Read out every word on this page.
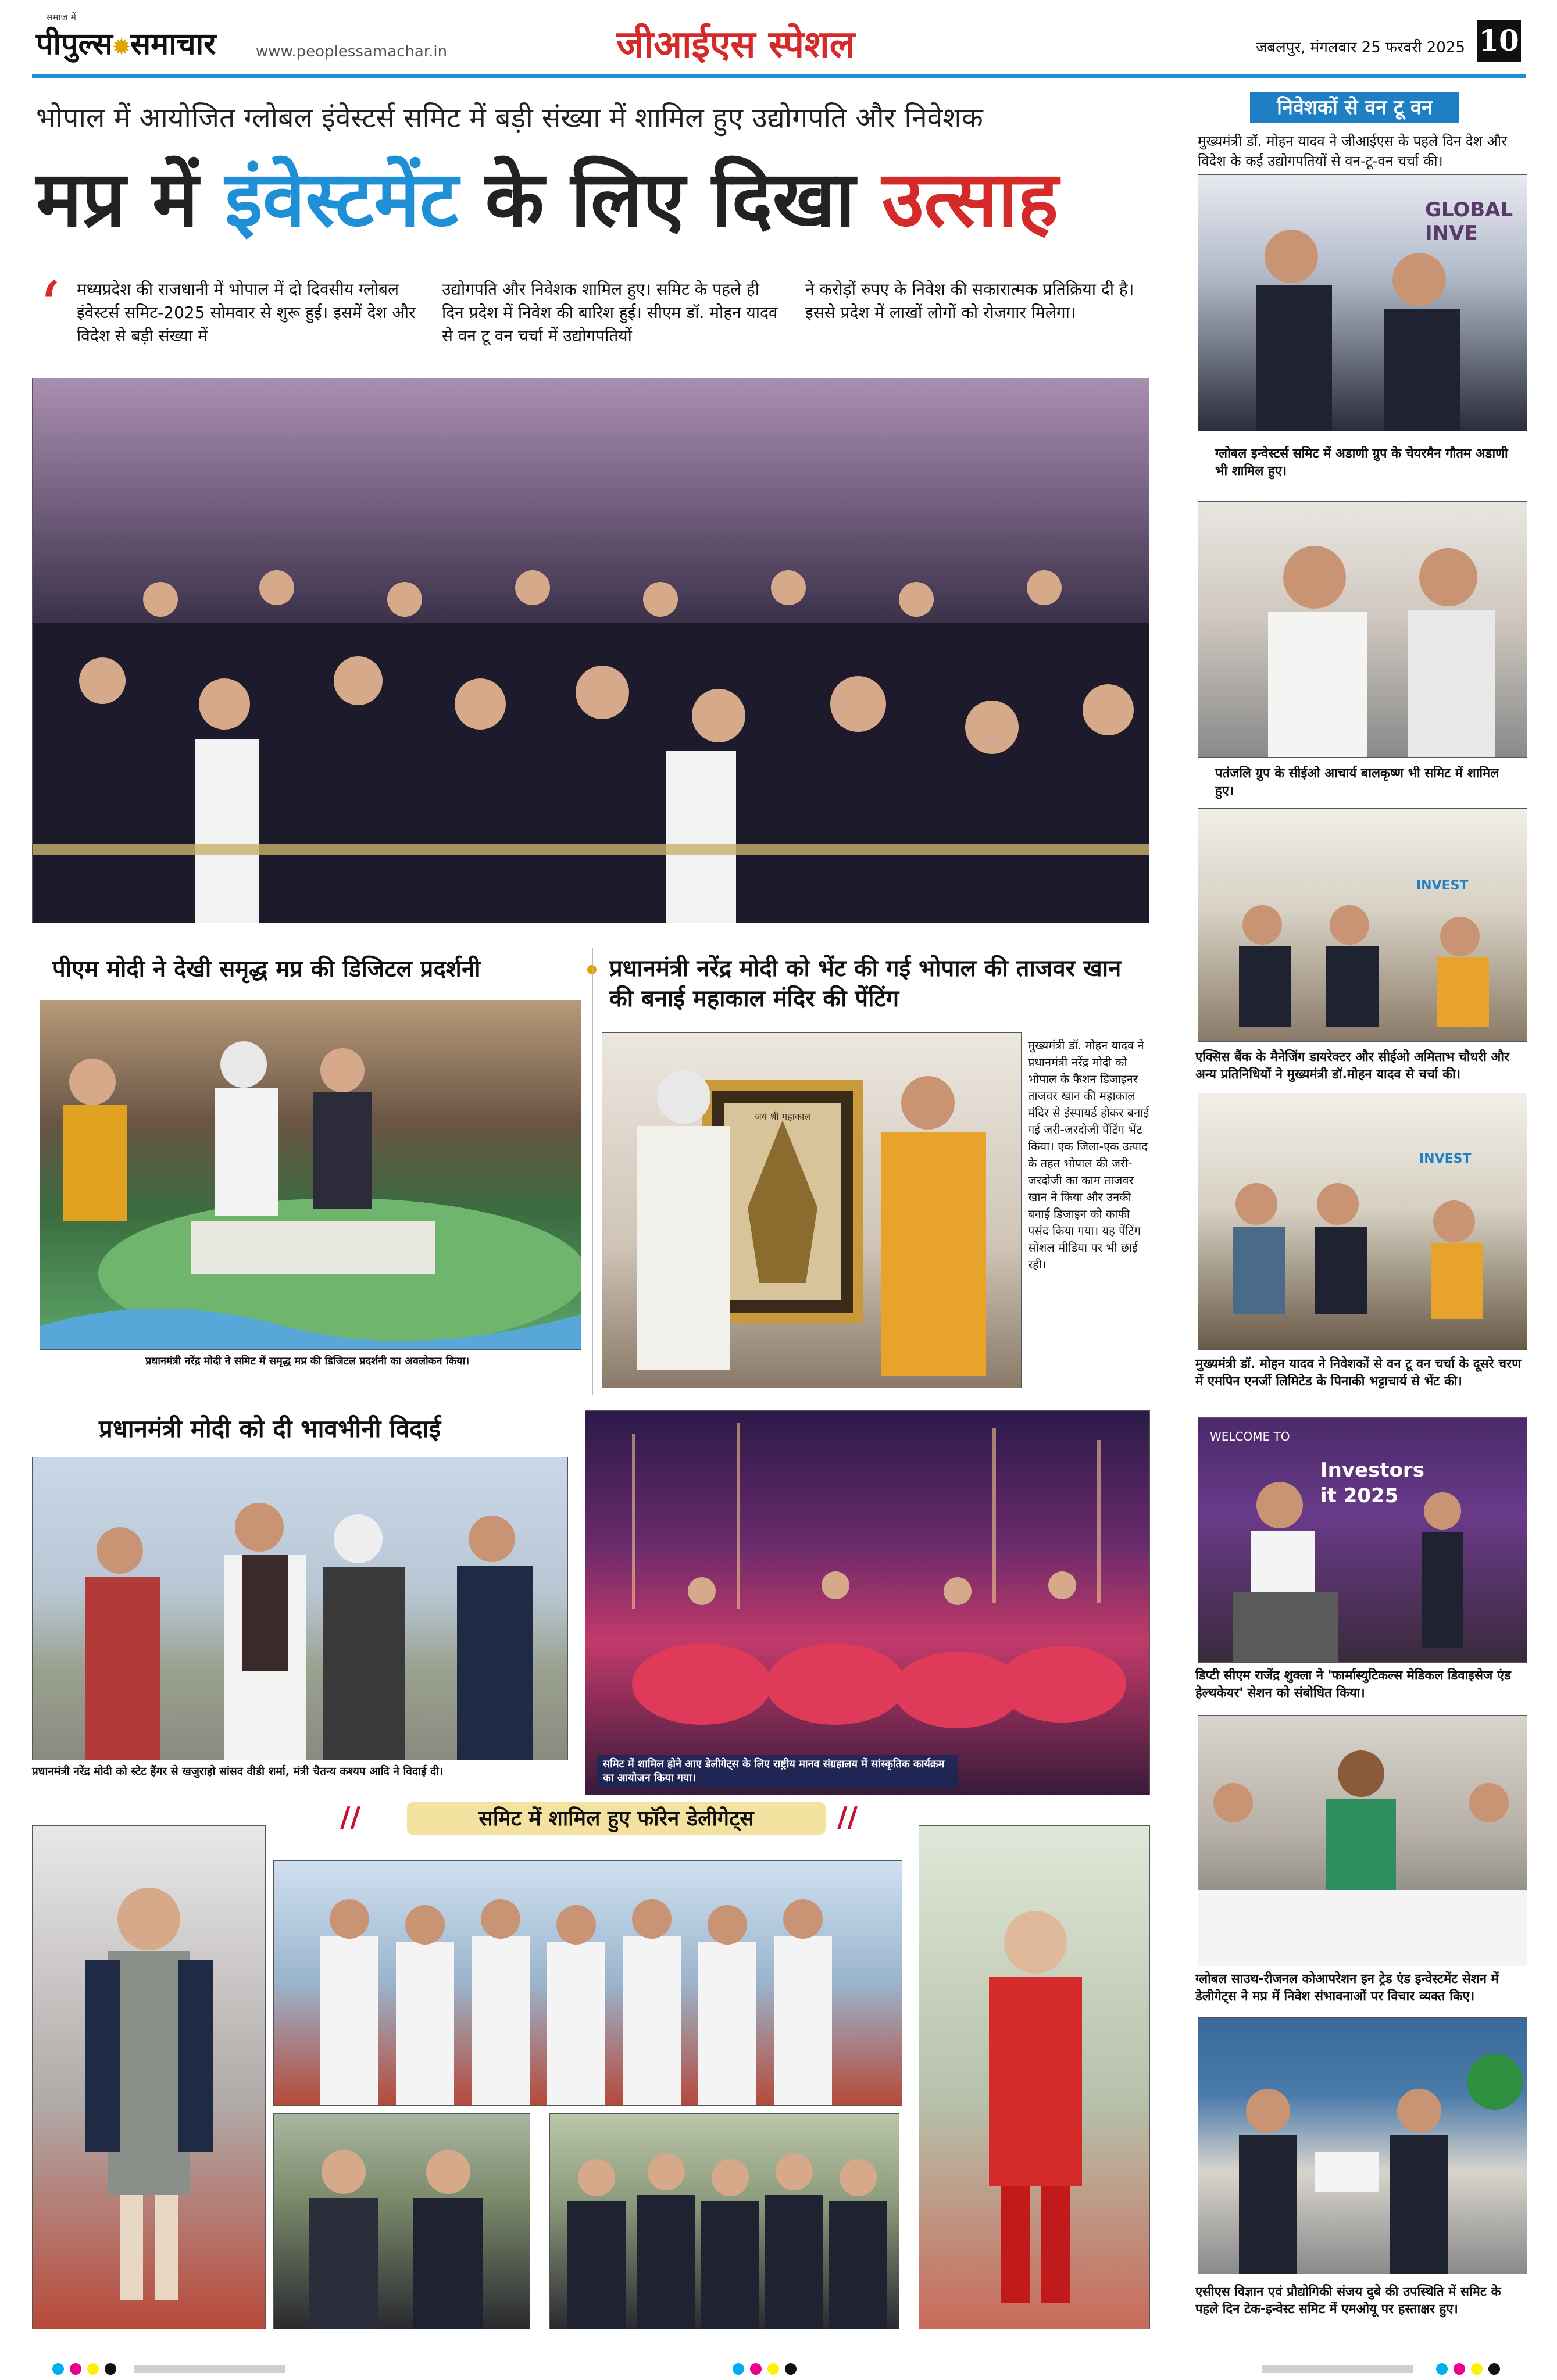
पीपुल्स✹समाचार
समाज में
www.peoplessamachar.in	जीआईएस स्पेशल	जबलपुर, मंगलवार 25 फरवरी 2025 10
भोपाल में आयोजित ग्लोबल इंवेस्टर्स समिट में बड़ी संख्या में शामिल हुए उद्योगपति और निवेशक
मप्र में इंवेस्टमेंट के लिए दिखा उत्साह
‘ मध्यप्रदेश की राजधानी में भोपाल में दो दिवसीय ग्लोबल इंवेस्टर्स समिट-2025 सोमवार से शुरू हुई। इसमें देश और विदेश से बड़ी संख्या में
उद्योगपति और निवेशक शामिल हुए। समिट के पहले ही दिन प्रदेश में निवेश की बारिश हुई। सीएम डॉ. मोहन यादव से वन टू वन चर्चा में उद्योगपतियों
ने करोड़ों रुपए के निवेश की सकारात्मक प्रतिक्रिया दी है। इससे प्रदेश में लाखों लोगों को रोजगार मिलेगा।
पीएम मोदी ने देखी समृद्ध मप्र की डिजिटल प्रदर्शनी
प्रधानमंत्री नरेंद्र मोदी ने समिट में समृद्ध मप्र की डिजिटल प्रदर्शनी का अवलोकन किया।
प्रधानमंत्री नरेंद्र मोदी को भेंट की गई भोपाल की ताजवर खान की बनाई महाकाल मंदिर की पेंटिंग
जय श्री महाकाल
मुख्यमंत्री डॉ. मोहन यादव ने प्रधानमंत्री नरेंद्र मोदी को भोपाल के फैशन डिजाइनर ताजवर खान की महाकाल मंदिर से इंस्पायर्ड होकर बनाई गई जरी-जरदोजी पेंटिंग भेंट किया। एक जिला-एक उत्पाद के तहत भोपाल की जरी-जरदोजी का काम ताजवर खान ने किया और उनकी बनाई डिजाइन को काफी पसंद किया गया। यह पेंटिंग सोशल मीडिया पर भी छाई रही।
प्रधानमंत्री मोदी को दी भावभीनी विदाई
प्रधानमंत्री नरेंद्र मोदी को स्टेट हैंगर से खजुराहो सांसद वीडी शर्मा, मंत्री चैतन्य कश्यप आदि ने विदाई दी।
समिट में शामिल होने आए डेलीगेट्स के लिए राष्ट्रीय मानव संग्रहालय में सांस्कृतिक कार्यक्रम का आयोजन किया गया।
//	समिट में शामिल हुए फॉरेन डेलीगेट्स	//
निवेशकों से वन टू वन
मुख्यमंत्री डॉ. मोहन यादव ने जीआईएस के पहले दिन देश और विदेश के कई उद्योगपतियों से वन-टू-वन चर्चा की।
GLOBAL INVE
ग्लोबल इन्वेस्टर्स समिट में अडाणी ग्रुप के चेयरमैन गौतम अडाणी भी शामिल हुए।
पतंजलि ग्रुप के सीईओ आचार्य बालकृष्ण भी समिट में शामिल हुए।
INVEST
एक्सिस बैंक के मैनेजिंग डायरेक्टर और सीईओ अमिताभ चौधरी और अन्य प्रतिनिधियों ने मुख्यमंत्री डॉ.मोहन यादव से चर्चा की।
INVEST
मुख्यमंत्री डॉ. मोहन यादव ने निवेशकों से वन टू वन चर्चा के दूसरे चरण में एमपिन एनर्जी लिमिटेड के पिनाकी भट्टाचार्य से भेंट की।
WELCOME TO
Investors
it 2025
डिप्टी सीएम राजेंद्र शुक्ला ने 'फार्मास्युटिकल्स मेडिकल डिवाइसेज एंड हेल्थकेयर' सेशन को संबोधित किया।
ग्लोबल साउथ-रीजनल कोआपरेशन इन ट्रेड एंड इन्वेस्टमेंट सेशन में डेलीगेट्स ने मप्र में निवेश संभावनाओं पर विचार व्यक्त किए।
एसीएस विज्ञान एवं प्रौद्योगिकी संजय दुबे की उपस्थिति में समिट के पहले दिन टेक-इन्वेस्ट समिट में एमओयू पर हस्ताक्षर हुए।
